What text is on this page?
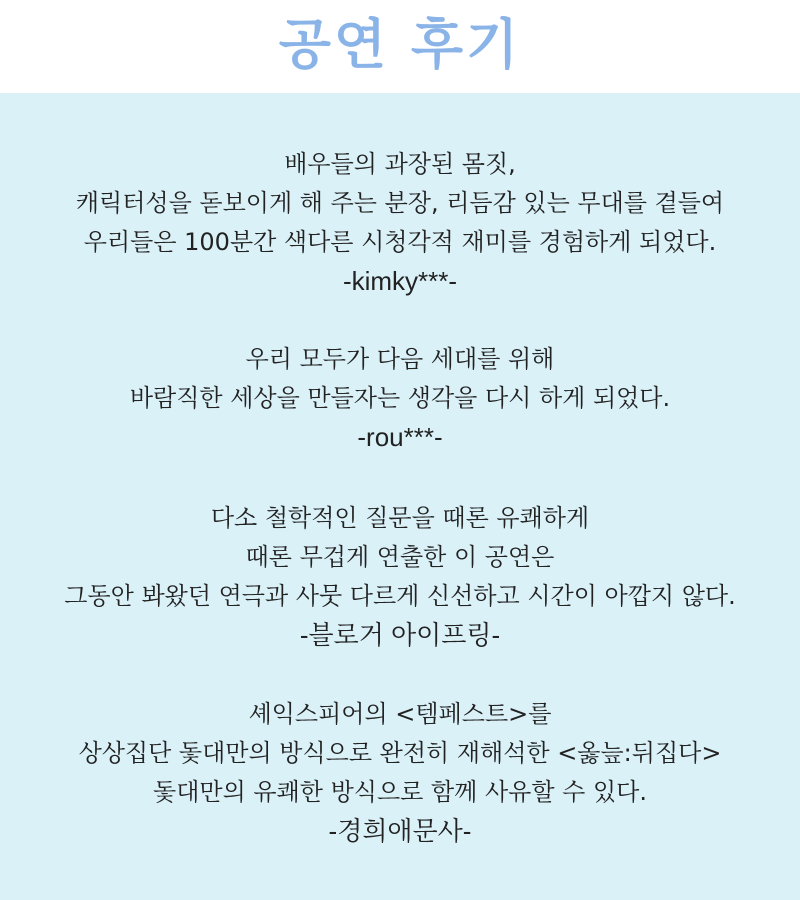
공연 후기
배우들의 과장된 몸짓,
캐릭터성을 돋보이게 해 주는 분장, 리듬감 있는 무대를 곁들여
우리들은 100분간 색다른 시청각적 재미를 경험하게 되었다.
-kimky***-
우리 모두가 다음 세대를 위해
바람직한 세상을 만들자는 생각을 다시 하게 되었다.
-rou***-
다소 철학적인 질문을 때론 유쾌하게
때론 무겁게 연출한 이 공연은
그동안 봐왔던 연극과 사뭇 다르게 신선하고 시간이 아깝지 않다.
-블로거 아이프링-
셰익스피어의 <템페스트>를
상상집단 돛대만의 방식으로 완전히 재해석한 <옳늪:뒤집다>
돛대만의 유쾌한 방식으로 함께 사유할 수 있다.
-경희애문사-
